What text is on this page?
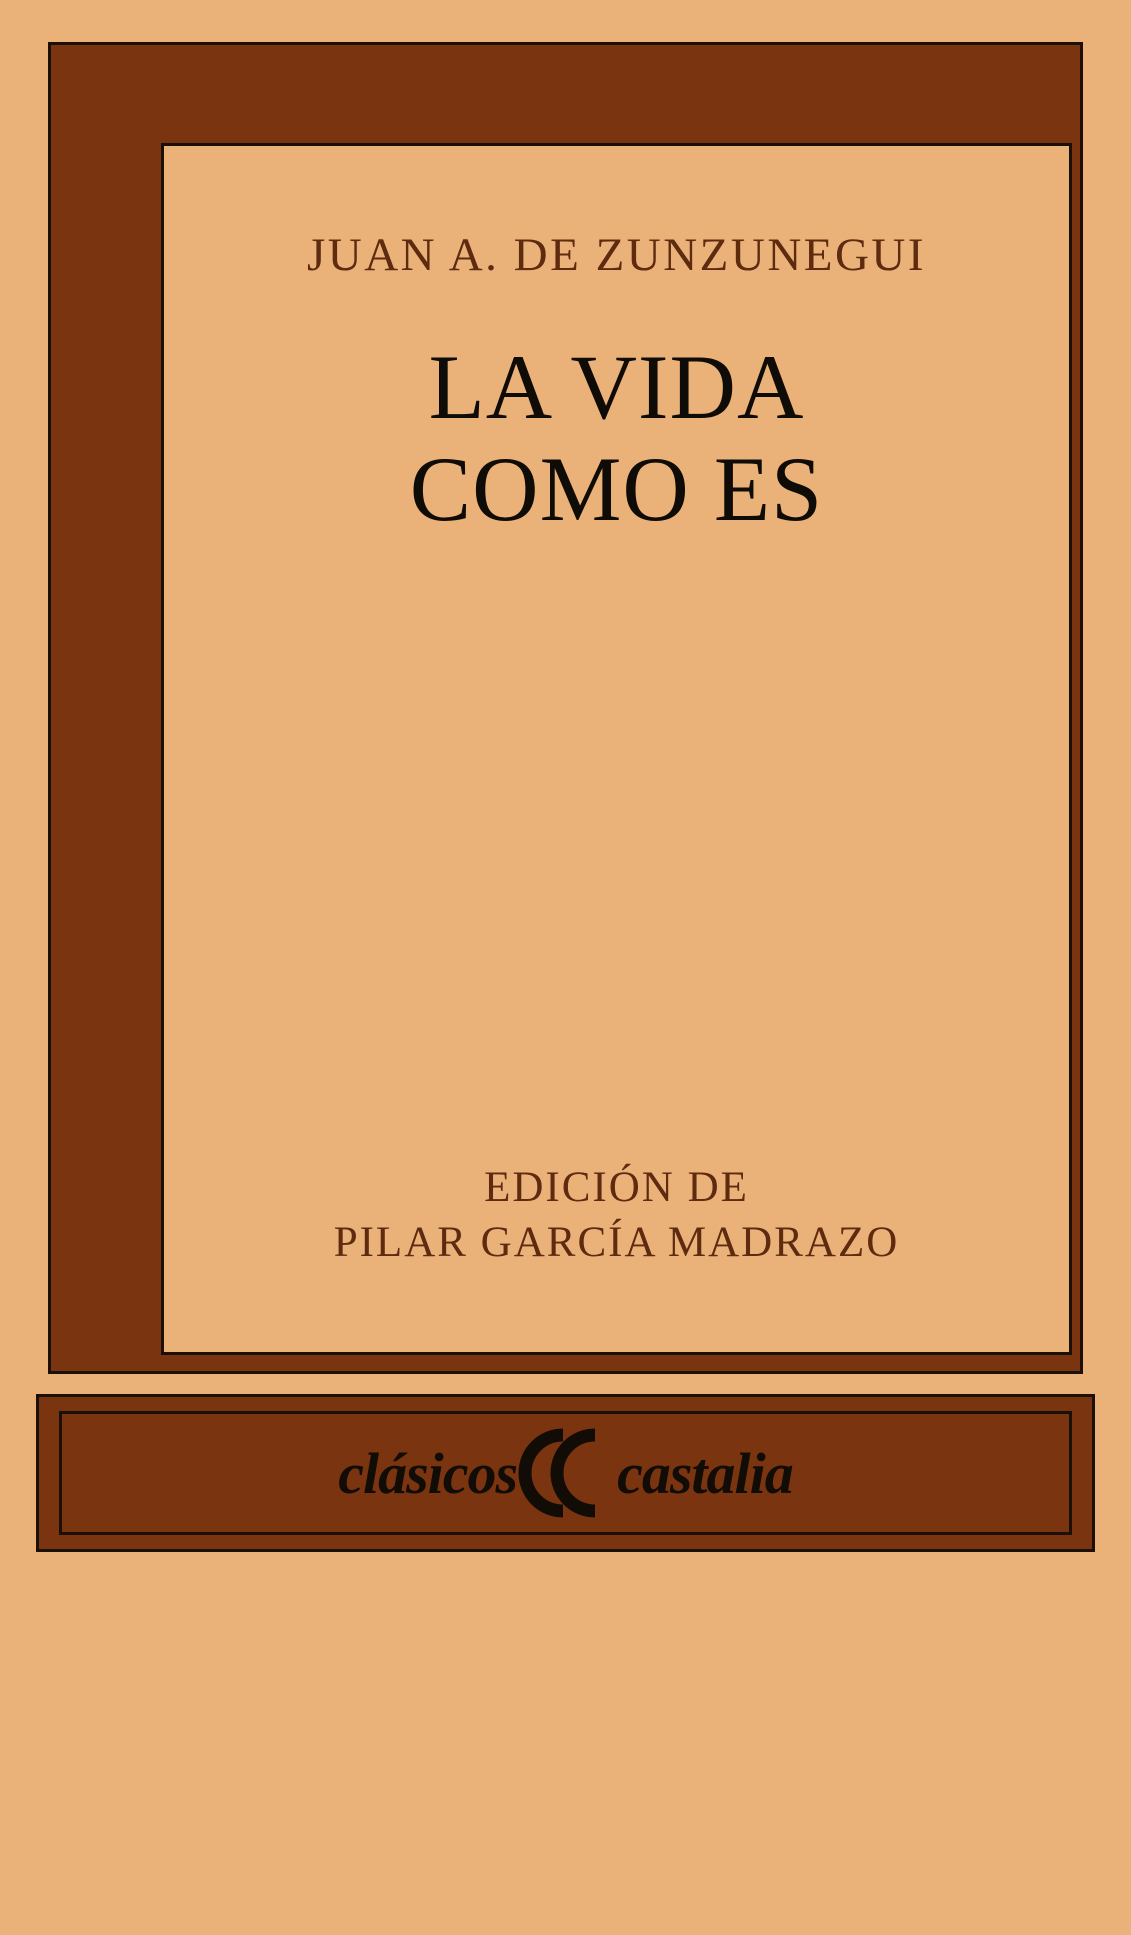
JUAN A. DE ZUNZUNEGUI
LA VIDA
COMO ES
EDICIÓN DE
PILAR GARCÍA MADRAZO
clásicos castalia
